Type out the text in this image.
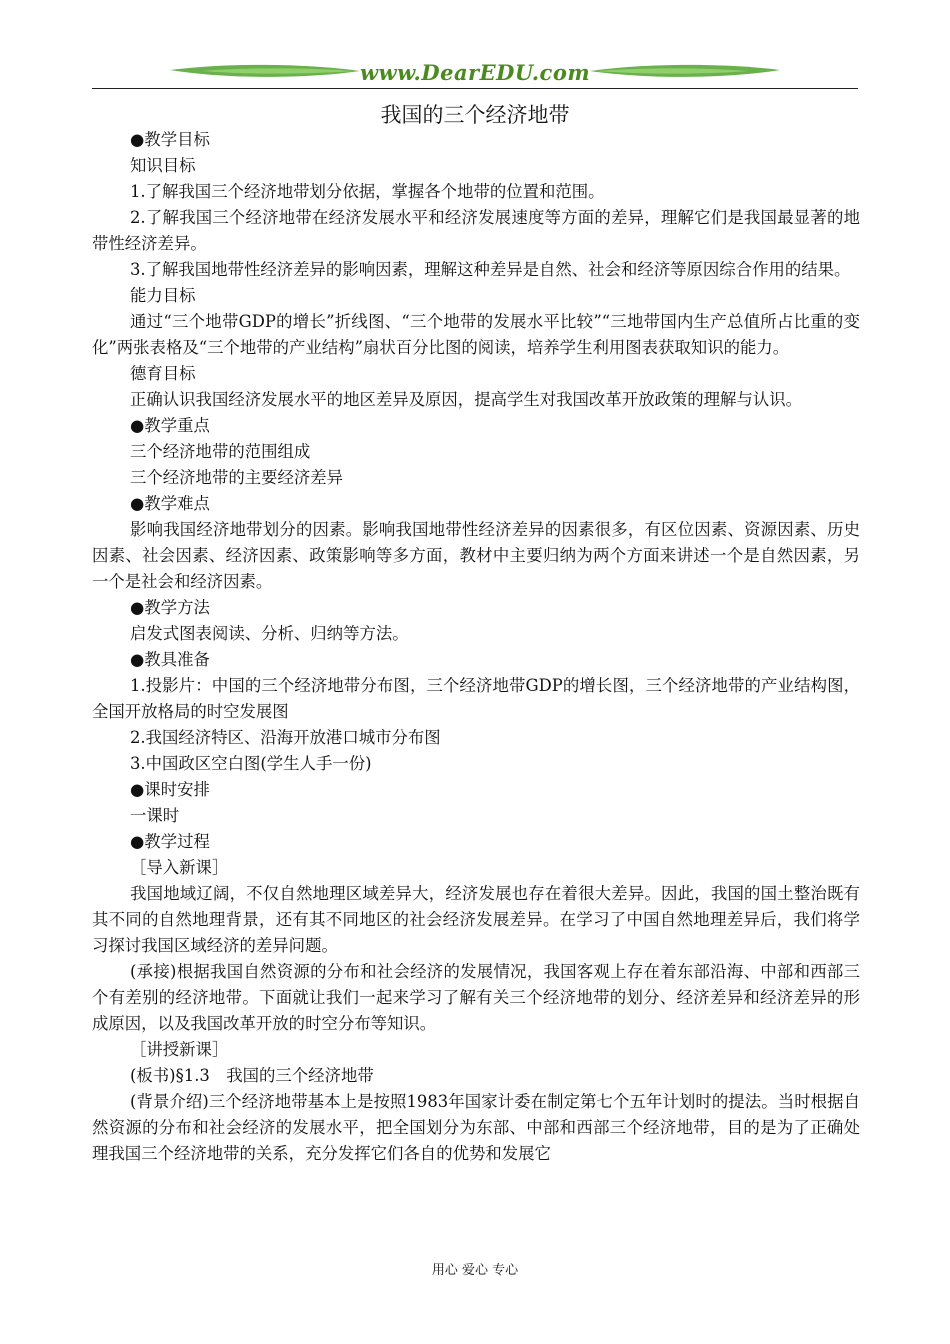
www.DearEDU.com
我国的三个经济地带

●教学目标

知识目标

1.了解我国三个经济地带划分依据，掌握各个地带的位置和范围。

2.了解我国三个经济地带在经济发展水平和经济发展速度等方面的差异，理解它们是我国最显著的地带性经济差异。

3.了解我国地带性经济差异的影响因素，理解这种差异是自然、社会和经济等原因综合作用的结果。

能力目标

通过“三个地带GDP的增长”折线图、“三个地带的发展水平比较”“三地带国内生产总值所占比重的变化”两张表格及“三个地带的产业结构”扇状百分比图的阅读，培养学生利用图表获取知识的能力。

德育目标

正确认识我国经济发展水平的地区差异及原因，提高学生对我国改革开放政策的理解与认识。

●教学重点

三个经济地带的范围组成

三个经济地带的主要经济差异

●教学难点

影响我国经济地带划分的因素。影响我国地带性经济差异的因素很多，有区位因素、资源因素、历史因素、社会因素、经济因素、政策影响等多方面，教材中主要归纳为两个方面来讲述一个是自然因素，另一个是社会和经济因素。

●教学方法

启发式图表阅读、分析、归纳等方法。

●教具准备

1.投影片：中国的三个经济地带分布图，三个经济地带GDP的增长图，三个经济地带的产业结构图，全国开放格局的时空发展图

2.我国经济特区、沿海开放港口城市分布图

3.中国政区空白图(学生人手一份)

●课时安排

一课时

●教学过程

［导入新课］

我国地域辽阔，不仅自然地理区域差异大，经济发展也存在着很大差异。因此，我国的国土整治既有其不同的自然地理背景，还有其不同地区的社会经济发展差异。在学习了中国自然地理差异后，我们将学习探讨我国区域经济的差异问题。

(承接)根据我国自然资源的分布和社会经济的发展情况，我国客观上存在着东部沿海、中部和西部三个有差别的经济地带。下面就让我们一起来学习了解有关三个经济地带的划分、经济差异和经济差异的形成原因，以及我国改革开放的时空分布等知识。

［讲授新课］

(板书)§1.3　我国的三个经济地带

(背景介绍)三个经济地带基本上是按照1983年国家计委在制定第七个五年计划时的提法。当时根据自然资源的分布和社会经济的发展水平，把全国划分为东部、中部和西部三个经济地带，目的是为了正确处理我国三个经济地带的关系，充分发挥它们各自的优势和发展它

用心 爱心 专心
